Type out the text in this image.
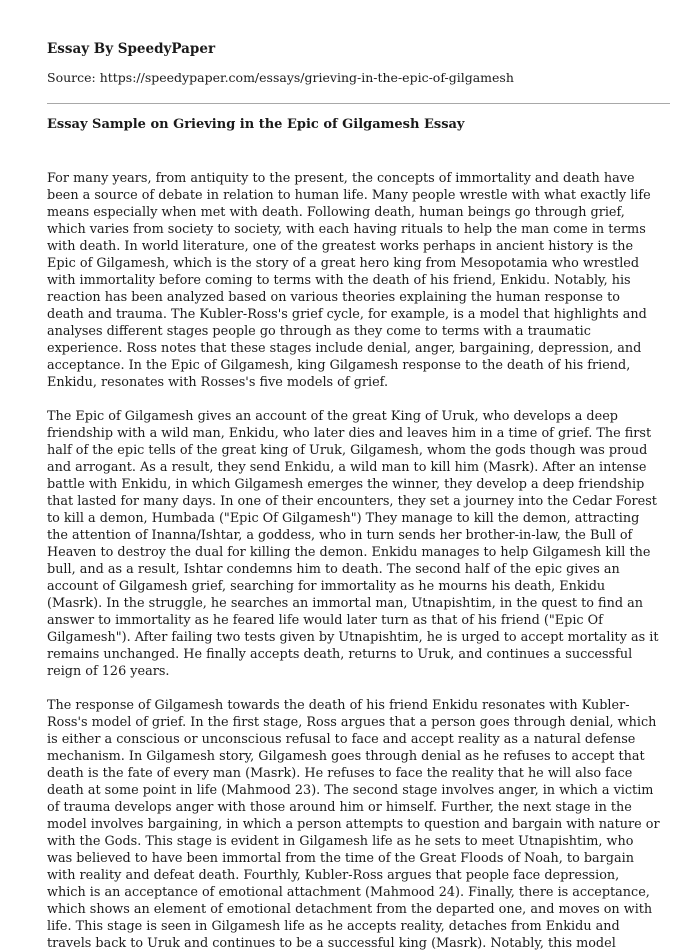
Essay By SpeedyPaper
Source: https://speedypaper.com/essays/grieving-in-the-epic-of-gilgamesh
Essay Sample on Grieving in the Epic of Gilgamesh Essay

For many years, from antiquity to the present, the concepts of immortality and death have been a source of debate in relation to human life. Many people wrestle with what exactly life means especially when met with death. Following death, human beings go through grief, which varies from society to society, with each having rituals to help the man come in terms with death. In world literature, one of the greatest works perhaps in ancient history is the Epic of Gilgamesh, which is the story of a great hero king from Mesopotamia who wrestled with immortality before coming to terms with the death of his friend, Enkidu. Notably, his reaction has been analyzed based on various theories explaining the human response to death and trauma. The Kubler-Ross's grief cycle, for example, is a model that highlights and analyses different stages people go through as they come to terms with a traumatic experience. Ross notes that these stages include denial, anger, bargaining, depression, and acceptance. In the Epic of Gilgamesh, king Gilgamesh response to the death of his friend, Enkidu, resonates with Rosses's five models of grief.

The Epic of Gilgamesh gives an account of the great King of Uruk, who develops a deep friendship with a wild man, Enkidu, who later dies and leaves him in a time of grief. The first half of the epic tells of the great king of Uruk, Gilgamesh, whom the gods though was proud and arrogant. As a result, they send Enkidu, a wild man to kill him (Masrk). After an intense battle with Enkidu, in which Gilgamesh emerges the winner, they develop a deep friendship that lasted for many days. In one of their encounters, they set a journey into the Cedar Forest to kill a demon, Humbada ("Epic Of Gilgamesh") They manage to kill the demon, attracting the attention of Inanna/Ishtar, a goddess, who in turn sends her brother-in-law, the Bull of Heaven to destroy the dual for killing the demon. Enkidu manages to help Gilgamesh kill the bull, and as a result, Ishtar condemns him to death. The second half of the epic gives an account of Gilgamesh grief, searching for immortality as he mourns his death, Enkidu (Masrk). In the struggle, he searches an immortal man, Utnapishtim, in the quest to find an answer to immortality as he feared life would later turn as that of his friend ("Epic Of Gilgamesh"). After failing two tests given by Utnapishtim, he is urged to accept mortality as it remains unchanged. He finally accepts death, returns to Uruk, and continues a successful reign of 126 years.

The response of Gilgamesh towards the death of his friend Enkidu resonates with Kubler-Ross's model of grief. In the first stage, Ross argues that a person goes through denial, which is either a conscious or unconscious refusal to face and accept reality as a natural defense mechanism. In Gilgamesh story, Gilgamesh goes through denial as he refuses to accept that death is the fate of every man (Masrk). He refuses to face the reality that he will also face death at some point in life (Mahmood 23). The second stage involves anger, in which a victim of trauma develops anger with those around him or himself. Further, the next stage in the model involves bargaining, in which a person attempts to question and bargain with nature or with the Gods. This stage is evident in Gilgamesh life as he sets to meet Utnapishtim, who was believed to have been immortal from the time of the Great Floods of Noah, to bargain with reality and defeat death. Fourthly, Kubler-Ross argues that people face depression, which is an acceptance of emotional attachment (Mahmood 24). Finally, there is acceptance, which shows an element of emotional detachment from the departed one, and moves on with life. This stage is seen in Gilgamesh life as he accepts reality, detaches from Enkidu and travels back to Uruk and continues to be a successful king (Masrk). Notably, this model
